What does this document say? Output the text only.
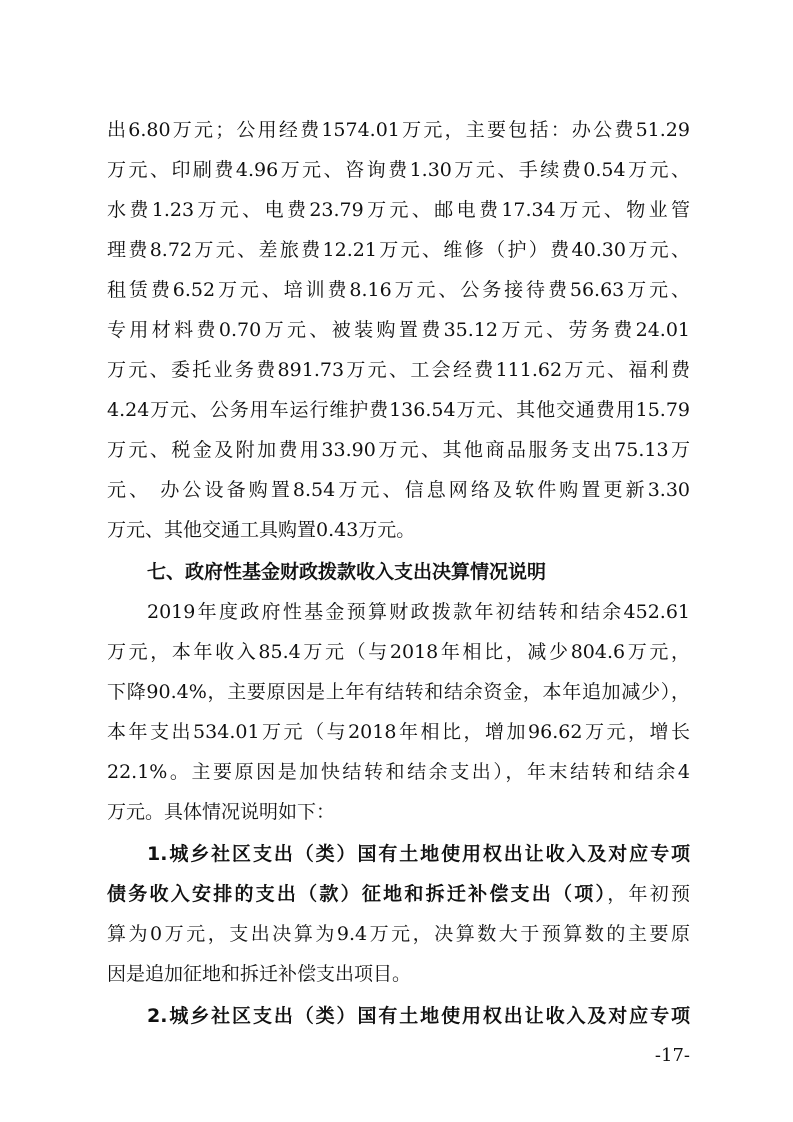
出6.80万元；公用经费1574.01万元，主要包括：办公费51.29
万元、印刷费4.96万元、咨询费1.30万元、手续费0.54万元、
水费1.23万元、电费23.79万元、邮电费17.34万元、物业管
理费8.72万元、差旅费12.21万元、维修（护）费40.30万元、
租赁费6.52万元、培训费8.16万元、公务接待费56.63万元、
专用材料费0.70万元、被装购置费35.12万元、劳务费24.01
万元、委托业务费891.73万元、工会经费111.62万元、福利费
4.24万元、公务用车运行维护费136.54万元、其他交通费用15.79
万元、税金及附加费用33.90万元、其他商品服务支出75.13万
元、 办公设备购置8.54万元、信息网络及软件购置更新3.30
万元、其他交通工具购置0.43万元。
七、政府性基金财政拨款收入支出决算情况说明
2019年度政府性基金预算财政拨款年初结转和结余452.61
万元，本年收入85.4万元（与2018年相比，减少804.6万元，
下降90.4%，主要原因是上年有结转和结余资金，本年追加减少），
本年支出534.01万元（与2018年相比，增加96.62万元，增长
22.1%。主要原因是加快结转和结余支出），年末结转和结余4
万元。具体情况说明如下：
1.城乡社区支出（类）国有土地使用权出让收入及对应专项
债务收入安排的支出（款）征地和拆迁补偿支出（项），年初预
算为0万元，支出决算为9.4万元，决算数大于预算数的主要原
因是追加征地和拆迁补偿支出项目。
2.城乡社区支出（类）国有土地使用权出让收入及对应专项
-17-
